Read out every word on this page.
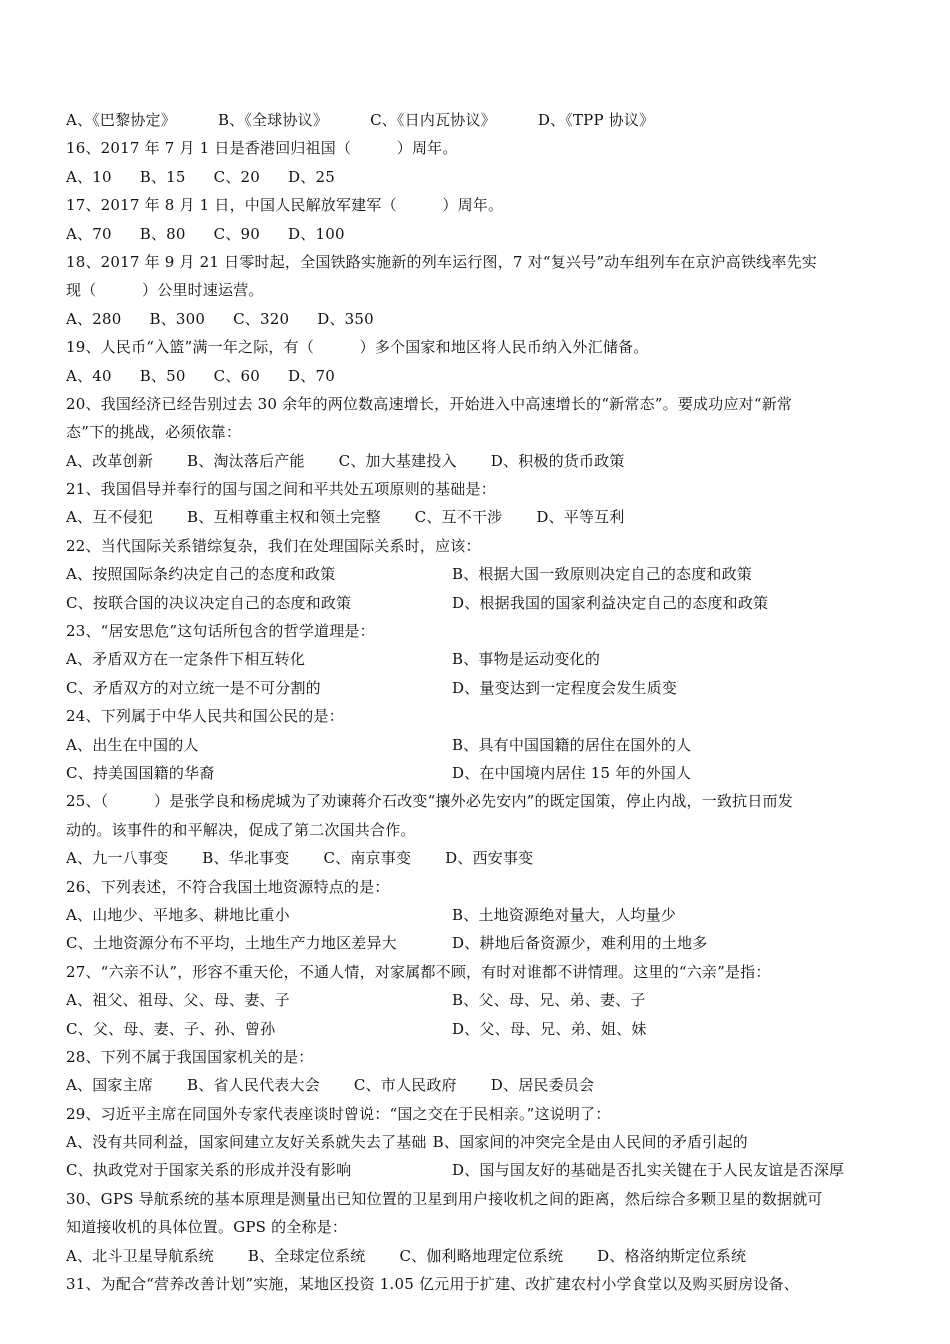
A、《巴黎协定》	B、《全球协议》	C、《日内瓦协议》	D、《TPP 协议》
16、2017 年 7 月 1 日是香港回归祖国（　　　）周年。
A、10 B、15 C、20 D、25
17、2017 年 8 月 1 日，中国人民解放军建军（　　　）周年。
A、70 B、80 C、90 D、100
18、2017 年 9 月 21 日零时起，全国铁路实施新的列车运行图，7 对“复兴号”动车组列车在京沪高铁线率先实
现（　　　）公里时速运营。
A、280 B、300 C、320 D、350
19、人民币“入篮”满一年之际，有（　　　）多个国家和地区将人民币纳入外汇储备。
A、40 B、50 C、60 D、70
20、我国经济已经告别过去 30 余年的两位数高速增长，开始进入中高速增长的“新常态”。要成功应对“新常
态”下的挑战，必须依靠：
A、改革创新 B、淘汰落后产能 C、加大基建投入 D、积极的货币政策
21、我国倡导并奉行的国与国之间和平共处五项原则的基础是：
A、互不侵犯 B、互相尊重主权和领土完整 C、互不干涉 D、平等互利
22、当代国际关系错综复杂，我们在处理国际关系时，应该：
A、按照国际条约决定自己的态度和政策	B、根据大国一致原则决定自己的态度和政策
C、按联合国的决议决定自己的态度和政策	D、根据我国的国家利益决定自己的态度和政策
23、“居安思危”这句话所包含的哲学道理是：
A、矛盾双方在一定条件下相互转化	B、事物是运动变化的
C、矛盾双方的对立统一是不可分割的	D、量变达到一定程度会发生质变
24、下列属于中华人民共和国公民的是：
A、出生在中国的人	B、具有中国国籍的居住在国外的人
C、持美国国籍的华裔	D、在中国境内居住 15 年的外国人
25、（　　　）是张学良和杨虎城为了劝谏蒋介石改变“攘外必先安内”的既定国策，停止内战，一致抗日而发
动的。该事件的和平解决，促成了第二次国共合作。
A、九一八事变 B、华北事变 C、南京事变 D、西安事变
26、下列表述，不符合我国土地资源特点的是：
A、山地少、平地多、耕地比重小	B、土地资源绝对量大，人均量少
C、土地资源分布不平均，土地生产力地区差异大	D、耕地后备资源少，难利用的土地多
27、“六亲不认”，形容不重天伦，不通人情，对家属都不顾，有时对谁都不讲情理。这里的“六亲”是指：
A、祖父、祖母、父、母、妻、子	B、父、母、兄、弟、妻、子
C、父、母、妻、子、孙、曾孙	D、父、母、兄、弟、姐、妹
28、下列不属于我国国家机关的是：
A、国家主席 B、省人民代表大会 C、市人民政府 D、居民委员会
29、习近平主席在同国外专家代表座谈时曾说：“国之交在于民相亲。”这说明了：
A、没有共同利益，国家间建立友好关系就失去了基础 B、国家间的冲突完全是由人民间的矛盾引起的
C、执政党对于国家关系的形成并没有影响	D、国与国友好的基础是否扎实关键在于人民友谊是否深厚
30、GPS 导航系统的基本原理是测量出已知位置的卫星到用户接收机之间的距离，然后综合多颗卫星的数据就可
知道接收机的具体位置。GPS 的全称是：
A、北斗卫星导航系统 B、全球定位系统 C、伽利略地理定位系统 D、格洛纳斯定位系统
31、为配合“营养改善计划”实施，某地区投资 1.05 亿元用于扩建、改扩建农村小学食堂以及购买厨房设备、
